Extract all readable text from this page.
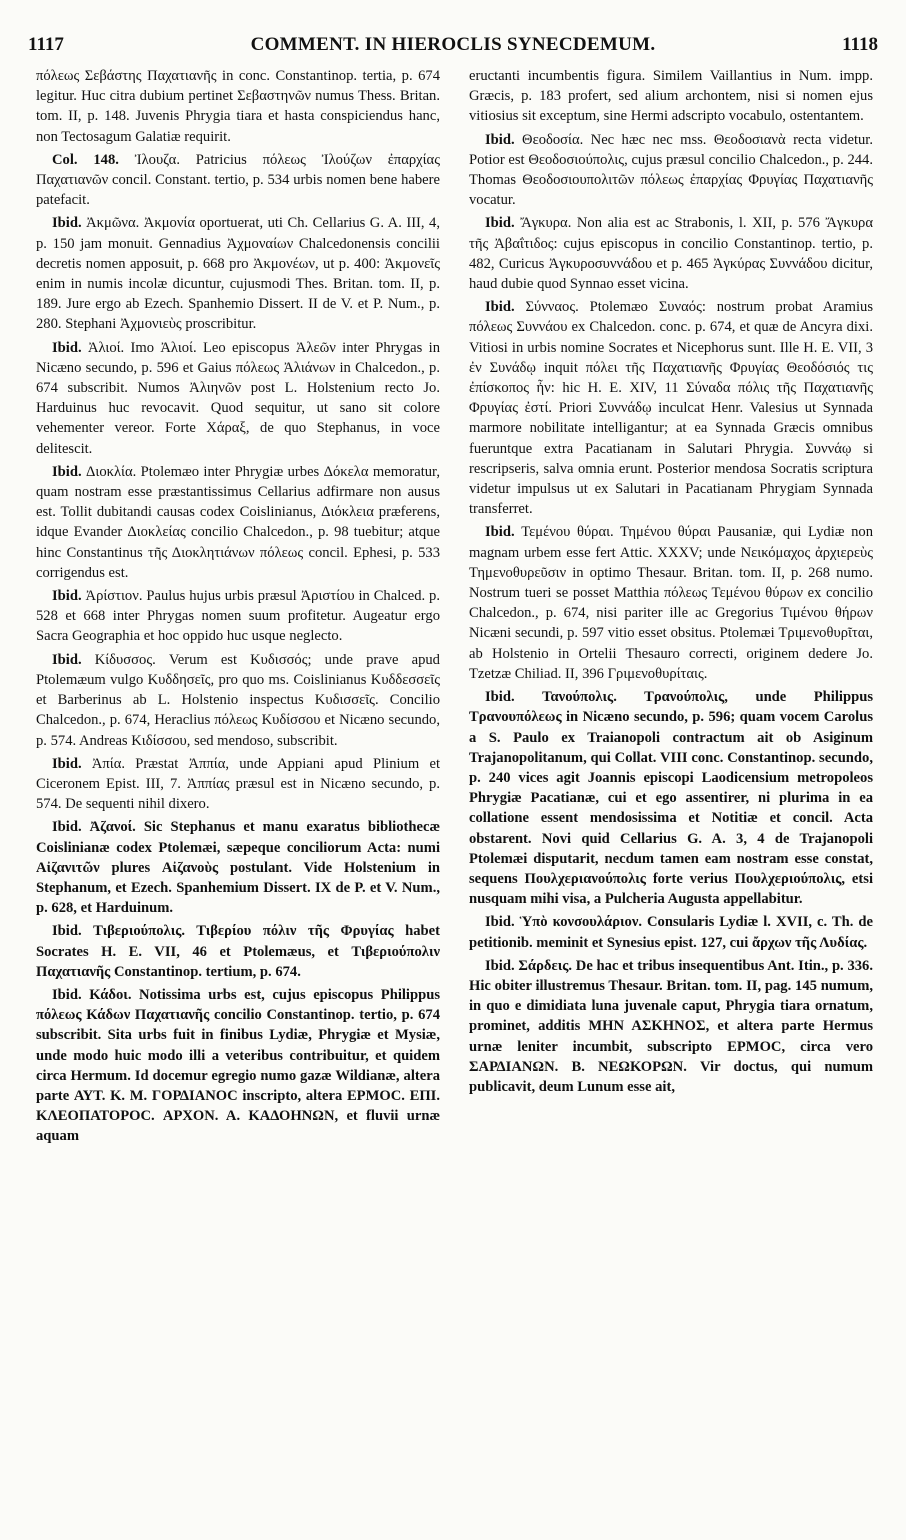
1117	COMMENT. IN HIEROCLIS SYNECDEMUM.	1118

πόλεως Σεβάστης Παχατιανῆς in conc. Constantinop. tertia, p. 674 legitur. Huc citra dubium pertinet Σεβαστηνῶν numus Thess. Britan. tom. II, p. 148. Juvenis Phrygia tiara et hasta conspiciendus hanc, non Tectosagum Galatiæ requirit.

Col. 148. Ἰλουζα. Patricius πόλεως Ἰλούζων ἐπαρχίας Παχατιανῶν concil. Constant. tertio, p. 534 urbis nomen bene habere patefacit.

Ibid. Ἀκμῶνα. Ἀκμονία oportuerat, uti Ch. Cellarius G. A. III, 4, p. 150 jam monuit. Gennadius Ἀχμοναίων Chalcedonensis concilii decretis nomen apposuit, p. 668 pro Ἀκμονέων, ut p. 400: Ἀκμονεῖς enim in numis incolæ dicuntur, cujusmodi Thes. Britan. tom. II, p. 189. Jure ergo ab Ezech. Spanhemio Dissert. II de V. et P. Num., p. 280. Stephani Ἀχμονιεὺς proscribitur.

Ibid. Ἀλιοί. Imo Ἀλιοί. Leo episcopus Ἀλεῶν inter Phrygas in Nicæno secundo, p. 596 et Gaius πόλεως Ἀλιάνων in Chalcedon., p. 674 subscribit. Numos Ἀλιηνῶν post L. Holstenium recto Jo. Harduinus huc revocavit. Quod sequitur, ut sano sit colore vehementer vereor. Forte Χάραξ, de quo Stephanus, in voce delitescit.

Ibid. Διοκλία. Ptolemæo inter Phrygiæ urbes Δόκελα memoratur, quam nostram esse præstantissimus Cellarius adfirmare non ausus est. Tollit dubitandi causas codex Coislinianus, Διόκλεια præferens, idque Evander Διοκλείας concilio Chalcedon., p. 98 tuebitur; atque hinc Constantinus τῆς Διοκλητιάνων πόλεως concil. Ephesi, p. 533 corrigendus est.

Ibid. Ἀρίστιον. Paulus hujus urbis præsul Ἀριστίου in Chalced. p. 528 et 668 inter Phrygas nomen suum profitetur. Augeatur ergo Sacra Geographia et hoc oppido huc usque neglecto.

Ibid. Κίδυσσος. Verum est Κυδισσός; unde prave apud Ptolemæum vulgo Κυδδησεῖς, pro quo ms. Coislinianus Κυδδεσσεῖς et Barberinus ab L. Holstenio inspectus Κυδισσεῖς. Concilio Chalcedon., p. 674, Heraclius πόλεως Κυδίσσου et Nicæno secundo, p. 574. Andreas Κιδίσσου, sed mendoso, subscribit.

Ibid. Ἀπία. Præstat Ἀππία, unde Appiani apud Plinium et Ciceronem Epist. III, 7. Ἀππίας præsul est in Nicæno secundo, p. 574. De sequenti nihil dixero.

Ibid. Ἀζανοί. Sic Stephanus et manu exaratus bibliothecæ Coislinianæ codex Ptolemæi, sæpeque conciliorum Acta: numi Αἰζανιτῶν plures Αἰζανοὺς postulant. Vide Holstenium in Stephanum, et Ezech. Spanhemium Dissert. IX de P. et V. Num., p. 628, et Harduinum.

Ibid. Τιβεριούπολις. Τιβερίου πόλιν τῆς Φρυγίας habet Socrates H. E. VII, 46 et Ptolemæus, et Τιβεριούπολιν Παχατιανῆς Constantinop. tertium, p. 674.

Ibid. Κάδοι. Notissima urbs est, cujus episcopus Philippus πόλεως Κάδων Παχατιανῆς concilio Constantinop. tertio, p. 674 subscribit. Sita urbs fuit in finibus Lydiæ, Phrygiæ et Mysiæ, unde modo huic modo illi a veteribus contribuitur, et quidem circa Hermum. Id docemur egregio numo gazæ Wildianæ, altera parte ΑΥΤ. Κ. Μ. ΓΟΡΔΙΑΝΟC inscripto, altera ΕΡΜΟC. ΕΠΙ. ΚΛΕΟΠΑΤΟΡΟC. ΑΡΧΟΝ. Α. ΚΑΔΟΗΝΩΝ, et fluvii urnæ aquam

eructanti incumbentis figura. Similem Vaillantius in Num. impp. Græcis, p. 183 profert, sed alium archontem, nisi si nomen ejus vitiosius sit exceptum, sine Hermi adscripto vocabulo, ostentantem.

Ibid. Θεοδοσία. Nec hæc nec mss. Θεοδοσιανὰ recta videtur. Potior est Θεοδοσιούπολις, cujus præsul concilio Chalcedon., p. 244. Thomas Θεοδοσιουπολιτῶν πόλεως ἐπαρχίας Φρυγίας Παχατιανῆς vocatur.

Ibid. Ἄγκυρα. Non alia est ac Strabonis, l. XII, p. 576 Ἄγκυρα τῆς Ἀβαΐτιδος: cujus episcopus in concilio Constantinop. tertio, p. 482, Curicus Ἀγκυροσυννάδου et p. 465 Ἀγκύρας Συννάδου dicitur, haud dubie quod Synnao esset vicina.

Ibid. Σύνναος. Ptolemæo Συναός: nostrum probat Aramius πόλεως Συννάου ex Chalcedon. conc. p. 674, et quæ de Ancyra dixi. Vitiosi in urbis nomine Socrates et Nicephorus sunt. Ille H. E. VII, 3 ἐν Συνάδῳ inquit πόλει τῆς Παχατιανῆς Φρυγίας Θεοδόσιός τις ἐπίσκοπος ἦν: hic H. E. XIV, 11 Σύναδα πόλις τῆς Παχατιανῆς Φρυγίας ἐστί. Priori Συννάδῳ inculcat Henr. Valesius ut Synnada marmore nobilitate intelligantur; at ea Synnada Græcis omnibus fueruntque extra Pacatianam in Salutari Phrygia. Συννάῳ si rescripseris, salva omnia erunt. Posterior mendosa Socratis scriptura videtur impulsus ut ex Salutari in Pacatianam Phrygiam Synnada transferret.

Ibid. Τεμένου θύραι. Τημένου θύραι Pausaniæ, qui Lydiæ non magnam urbem esse fert Attic. XXXV; unde Νεικόμαχος ἀρχιερεὺς Τημενοθυρεῦσιν in optimo Thesaur. Britan. tom. II, p. 268 numo. Nostrum tueri se posset Matthia πόλεως Τεμένου θύρων ex concilio Chalcedon., p. 674, nisi pariter ille ac Gregorius Τιμένου θήρων Nicæni secundi, p. 597 vitio esset obsitus. Ptolemæi Τριμενοθυρῖται, ab Holstenio in Ortelii Thesauro correcti, originem dedere Jo. Tzetzæ Chiliad. II, 396 Γριμενοθυρίταις.

Ibid. Τανούπολις. Τρανούπολις, unde Philippus Τρανουπόλεως in Nicæno secundo, p. 596; quam vocem Carolus a S. Paulo ex Traianopoli contractum ait ob Asiginum Trajanopolitanum, qui Collat. VIII conc. Constantinop. secundo, p. 240 vices agit Joannis episcopi Laodicensium metropoleos Phrygiæ Pacatianæ, cui et ego assentirer, ni plurima in ea collatione essent mendosissima et Notitiæ et concil. Acta obstarent. Novi quid Cellarius G. A. 3, 4 de Trajanopoli Ptolemæi disputarit, necdum tamen eam nostram esse constat, sequens Πουλχεριανούπολις forte verius Πουλχεριούπολις, etsi nusquam mihi visa, a Pulcheria Augusta appellabitur.

Ibid. Ὑπὸ κονσουλάριον. Consularis Lydiæ l. XVII, c. Th. de petitionib. meminit et Synesius epist. 127, cui ἄρχων τῆς Λυδίας.

Ibid. Σάρδεις. De hac et tribus insequentibus Ant. Itin., p. 336. Hic obiter illustremus Thesaur. Britan. tom. II, pag. 145 numum, in quo e dimidiata luna juvenale caput, Phrygia tiara ornatum, prominet, additis ΜΗΝ ΑΣΚΗΝΟΣ, et altera parte Hermus urnæ leniter incumbit, subscripto ΕΡΜΟC, circa vero ΣΑΡΔΙΑΝΩΝ. Β. ΝΕΩΚΟΡΩΝ. Vir doctus, qui numum publicavit, deum Lunum esse ait,
